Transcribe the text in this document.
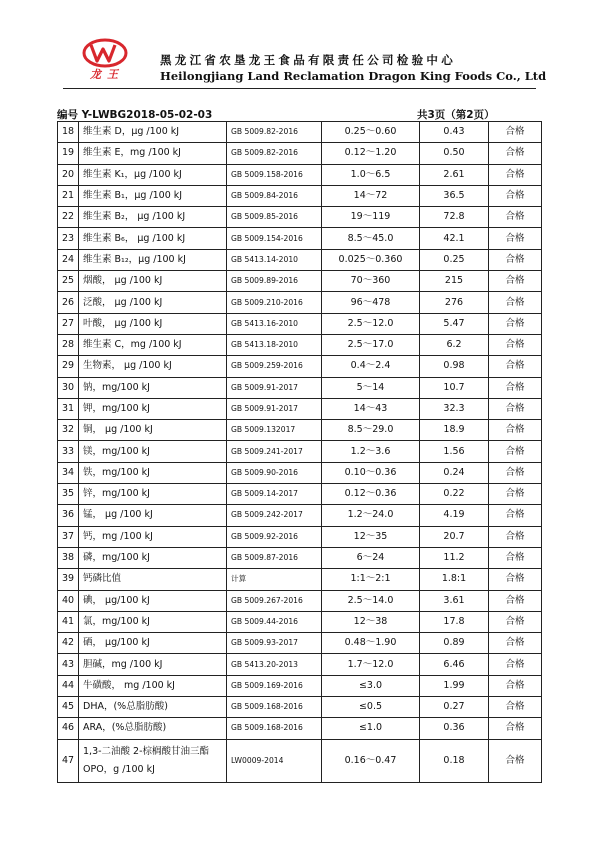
龙王
黑龙江省农垦龙王食品有限责任公司检验中心
Heilongjiang Land Reclamation Dragon King Foods Co., Ltd
编号 Y-LWBG2018-05-02-03	共3页（第2页）
18	维生素 D，μg /100 kJ	GB 5009.82-2016	0.25～0.60	0.43	合格
19	维生素 E，mg /100 kJ	GB 5009.82-2016	0.12～1.20	0.50	合格
20	维生素 K₁，μg /100 kJ	GB 5009.158-2016	1.0～6.5	2.61	合格
21	维生素 B₁，μg /100 kJ	GB 5009.84-2016	14～72	36.5	合格
22	维生素 B₂， μg /100 kJ	GB 5009.85-2016	19～119	72.8	合格
23	维生素 B₆， μg /100 kJ	GB 5009.154-2016	8.5～45.0	42.1	合格
24	维生素 B₁₂，μg /100 kJ	GB 5413.14-2010	0.025～0.360	0.25	合格
25	烟酸， μg /100 kJ	GB 5009.89-2016	70～360	215	合格
26	泛酸， μg /100 kJ	GB 5009.210-2016	96～478	276	合格
27	叶酸， μg /100 kJ	GB 5413.16-2010	2.5～12.0	5.47	合格
28	维生素 C，mg /100 kJ	GB 5413.18-2010	2.5～17.0	6.2	合格
29	生物素， μg /100 kJ	GB 5009.259-2016	0.4～2.4	0.98	合格
30	钠，mg/100 kJ	GB 5009.91-2017	5～14	10.7	合格
31	钾，mg/100 kJ	GB 5009.91-2017	14～43	32.3	合格
32	铜， μg /100 kJ	GB 5009.132017	8.5～29.0	18.9	合格
33	镁，mg/100 kJ	GB 5009.241-2017	1.2～3.6	1.56	合格
34	铁，mg/100 kJ	GB 5009.90-2016	0.10～0.36	0.24	合格
35	锌，mg/100 kJ	GB 5009.14-2017	0.12～0.36	0.22	合格
36	锰， μg /100 kJ	GB 5009.242-2017	1.2～24.0	4.19	合格
37	钙，mg /100 kJ	GB 5009.92-2016	12～35	20.7	合格
38	磷，mg/100 kJ	GB 5009.87-2016	6～24	11.2	合格
39	钙磷比值	计算	1:1～2:1	1.8:1	合格
40	碘， μg/100 kJ	GB 5009.267-2016	2.5～14.0	3.61	合格
41	氯，mg/100 kJ	GB 5009.44-2016	12～38	17.8	合格
42	硒， μg/100 kJ	GB 5009.93-2017	0.48～1.90	0.89	合格
43	胆碱，mg /100 kJ	GB 5413.20-2013	1.7～12.0	6.46	合格
44	牛磺酸， mg /100 kJ	GB 5009.169-2016	≤3.0	1.99	合格
45	DHA，(%总脂肪酸)	GB 5009.168-2016	≤0.5	0.27	合格
46	ARA，(%总脂肪酸)	GB 5009.168-2016	≤1.0	0.36	合格
47	1,3-二油酸 2-棕榈酸甘油三酯 OPO，g /100 kJ	LW0009-2014	0.16～0.47	0.18	合格
